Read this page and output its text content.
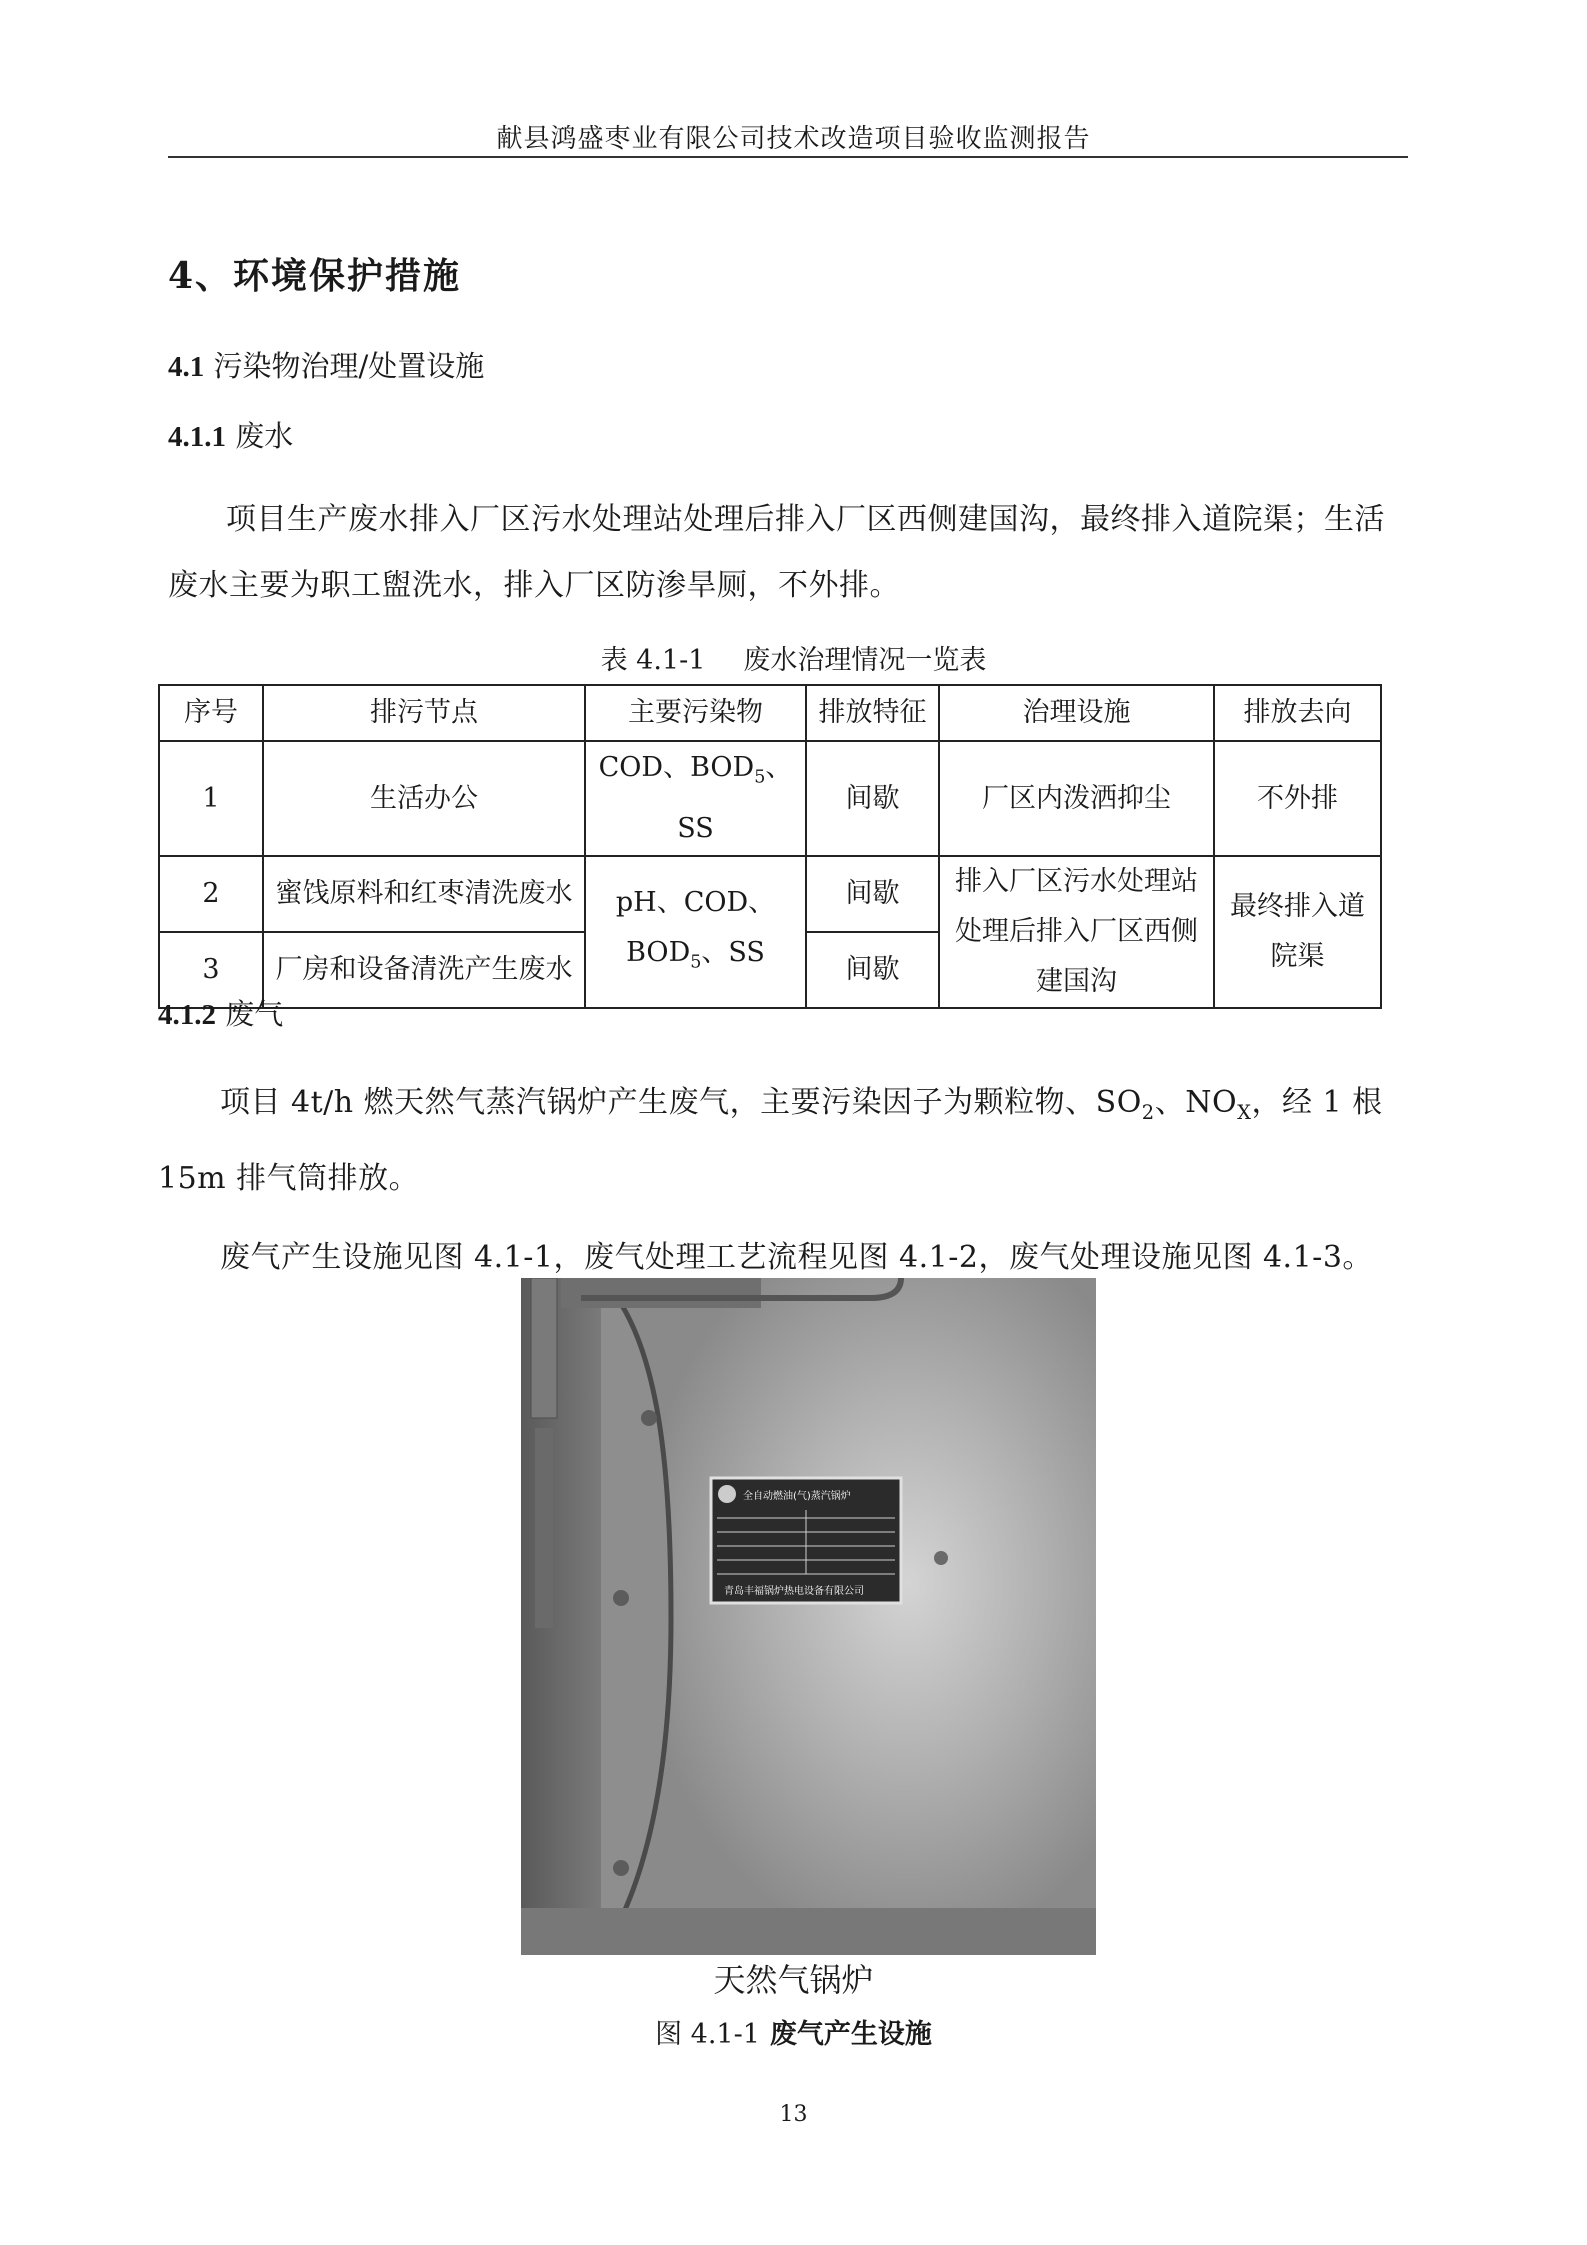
献县鸿盛枣业有限公司技术改造项目验收监测报告
4、环境保护措施
4.1 污染物治理/处置设施
4.1.1 废水
项目生产废水排入厂区污水处理站处理后排入厂区西侧建国沟，最终排入道院渠；生活废水主要为职工盥洗水，排入厂区防渗旱厕，不外排。
表 4.1-1 废水治理情况一览表
序号	排污节点	主要污染物	排放特征	治理设施	排放去向
1	生活办公	COD、$BOD_5$、SS	间歇	厂区内泼洒抑尘	不外排
2	蜜饯原料和红枣清洗废水	pH、COD、$BOD_5$、SS	间歇	排入厂区污水处理站处理后排入厂区西侧建国沟	最终排入道院渠
3	厂房和设备清洗产生废水		间歇		
4.1.2 废气
项目 4t/h 燃天然气蒸汽锅炉产生废气，主要污染因子为颗粒物、$SO_2$、$NO_X$，经 1 根 15m 排气筒排放。
废气产生设施见图 4.1-1，废气处理工艺流程见图 4.1-2，废气处理设施见图 4.1-3。
全自动燃油(气)蒸汽锅炉
青岛丰福锅炉热电设备有限公司
天然气锅炉
图 4.1-1 废气产生设施
13
